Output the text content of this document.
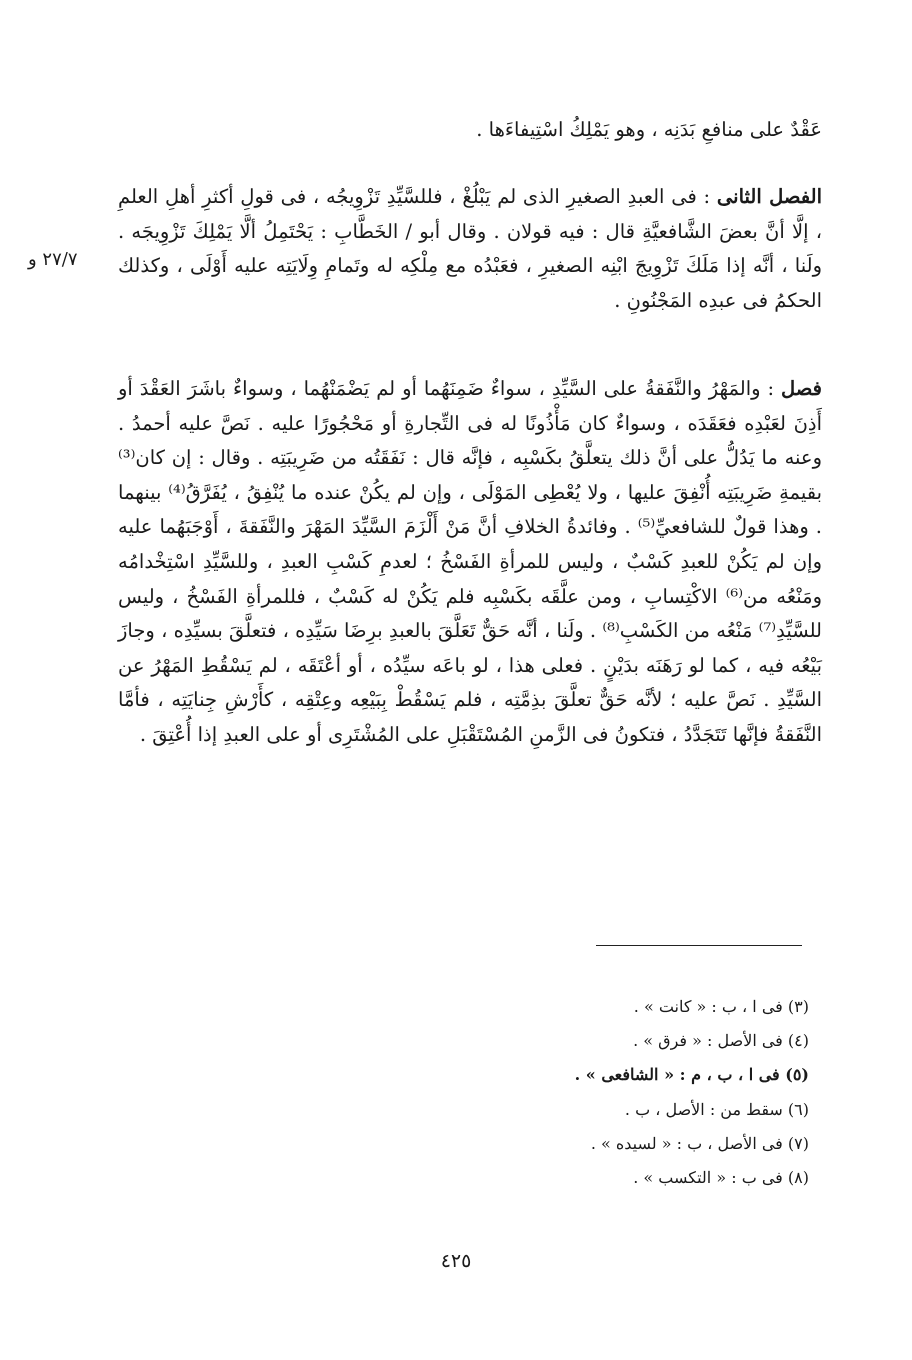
عَقْدٌ على منافعِ بَدَنِه ، وهو يَمْلِكُ اسْتِيفاءَها .

الفصل الثانى : فى العبدِ الصغيرِ الذى لم يَبْلُغْ ، فللسَّيِّدِ تَزْوِيجُه ، فى قولِ أكثرِ أهلِ العلمِ ، إلَّا أنَّ بعضَ الشَّافعيَّةِ قال : فيه قولان . وقال أبو / الخَطَّابِ : يَحْتَمِلُ ألَّا يَمْلِكَ تَزْوِيجَه . ولَنا ، أنَّه إذا مَلَكَ تَزْوِيجَ ابْنِه الصغيرِ ، فعَبْدُه مع مِلْكِه له وتَمامِ وِلَايَتِه عليه أَوْلَى ، وكذلك الحكمُ فى عبدِه المَجْنُونِ .

فصل : والمَهْرُ والنَّفَقةُ على السَّيِّدِ ، سواءٌ ضَمِنَهُما أو لم يَضْمَنْهُما ، وسواءٌ باشَرَ العَقْدَ أو أَذِنَ لعَبْدِه فعَقَدَه ، وسواءٌ كان مَأْذُونًا له فى التِّجارةِ أو مَحْجُورًا عليه . نَصَّ عليه أحمدُ . وعنه ما يَدُلُّ على أنَّ ذلك يتعلَّقُ بكَسْبِه ، فإنَّه قال : نَفَقَتُه من ضَرِيبَتِه . وقال : إن كان⁽³⁾ بقيمةِ ضَرِيبَتِه أُنْفِقَ عليها ، ولا يُعْطِى المَوْلَى ، وإن لم يكُنْ عنده ما يُنْفِقُ ، يُفَرَّقُ⁽⁴⁾ بينهما . وهذا قولٌ للشافعيِّ⁽⁵⁾ . وفائدةُ الخلافِ أنَّ مَنْ أَلْزَمَ السَّيِّدَ المَهْرَ والنَّفَقةَ ، أَوْجَبَهُما عليه وإن لم يَكُنْ للعبدِ كَسْبٌ ، وليس للمرأةِ الفَسْخُ ؛ لعدمِ كَسْبِ العبدِ ، وللسَّيِّدِ اسْتِخْدامُه ومَنْعُه من⁽⁶⁾ الاكْتِسابِ ، ومن علَّقَه بكَسْبِه فلم يَكُنْ له كَسْبٌ ، فللمرأةِ الفَسْخُ ، وليس للسَّيِّدِ⁽⁷⁾ مَنْعُه من الكَسْبِ⁽⁸⁾ . ولَنا ، أنَّه حَقٌّ تَعَلَّقَ بالعبدِ برِضَا سَيِّدِه ، فتعلَّقَ بسيِّدِه ، وجازَ بَيْعُه فيه ، كما لو رَهَنَه بدَيْنٍ . فعلى هذا ، لو باعَه سيِّدُه ، أو أعْتَقَه ، لم يَسْقُطِ المَهْرُ عن السَّيِّدِ . نَصَّ عليه ؛ لأنَّه حَقٌّ تعلَّقَ بذِمَّتِه ، فلم يَسْقُطْ بِبَيْعِه وعِتْقِه ، كأَرْشِ جِنايَتِه ، فأمَّا النَّفَقةُ فإنَّها تَتَجَدَّدُ ، فتكونُ فى الزَّمنِ المُسْتَقْبَلِ على المُشْتَرِى أو على العبدِ إذا أُعْتِقَ .

٢٧/٧ و
(٣) فى ا ، ب : « كانت » .
(٤) فى الأصل : « فرق » .
(٥) فى ا ، ب ، م : « الشافعى » .
(٦) سقط من : الأصل ، ب .
(٧) فى الأصل ، ب : « لسيده » .
(٨) فى ب : « التكسب » .
٤٢٥
